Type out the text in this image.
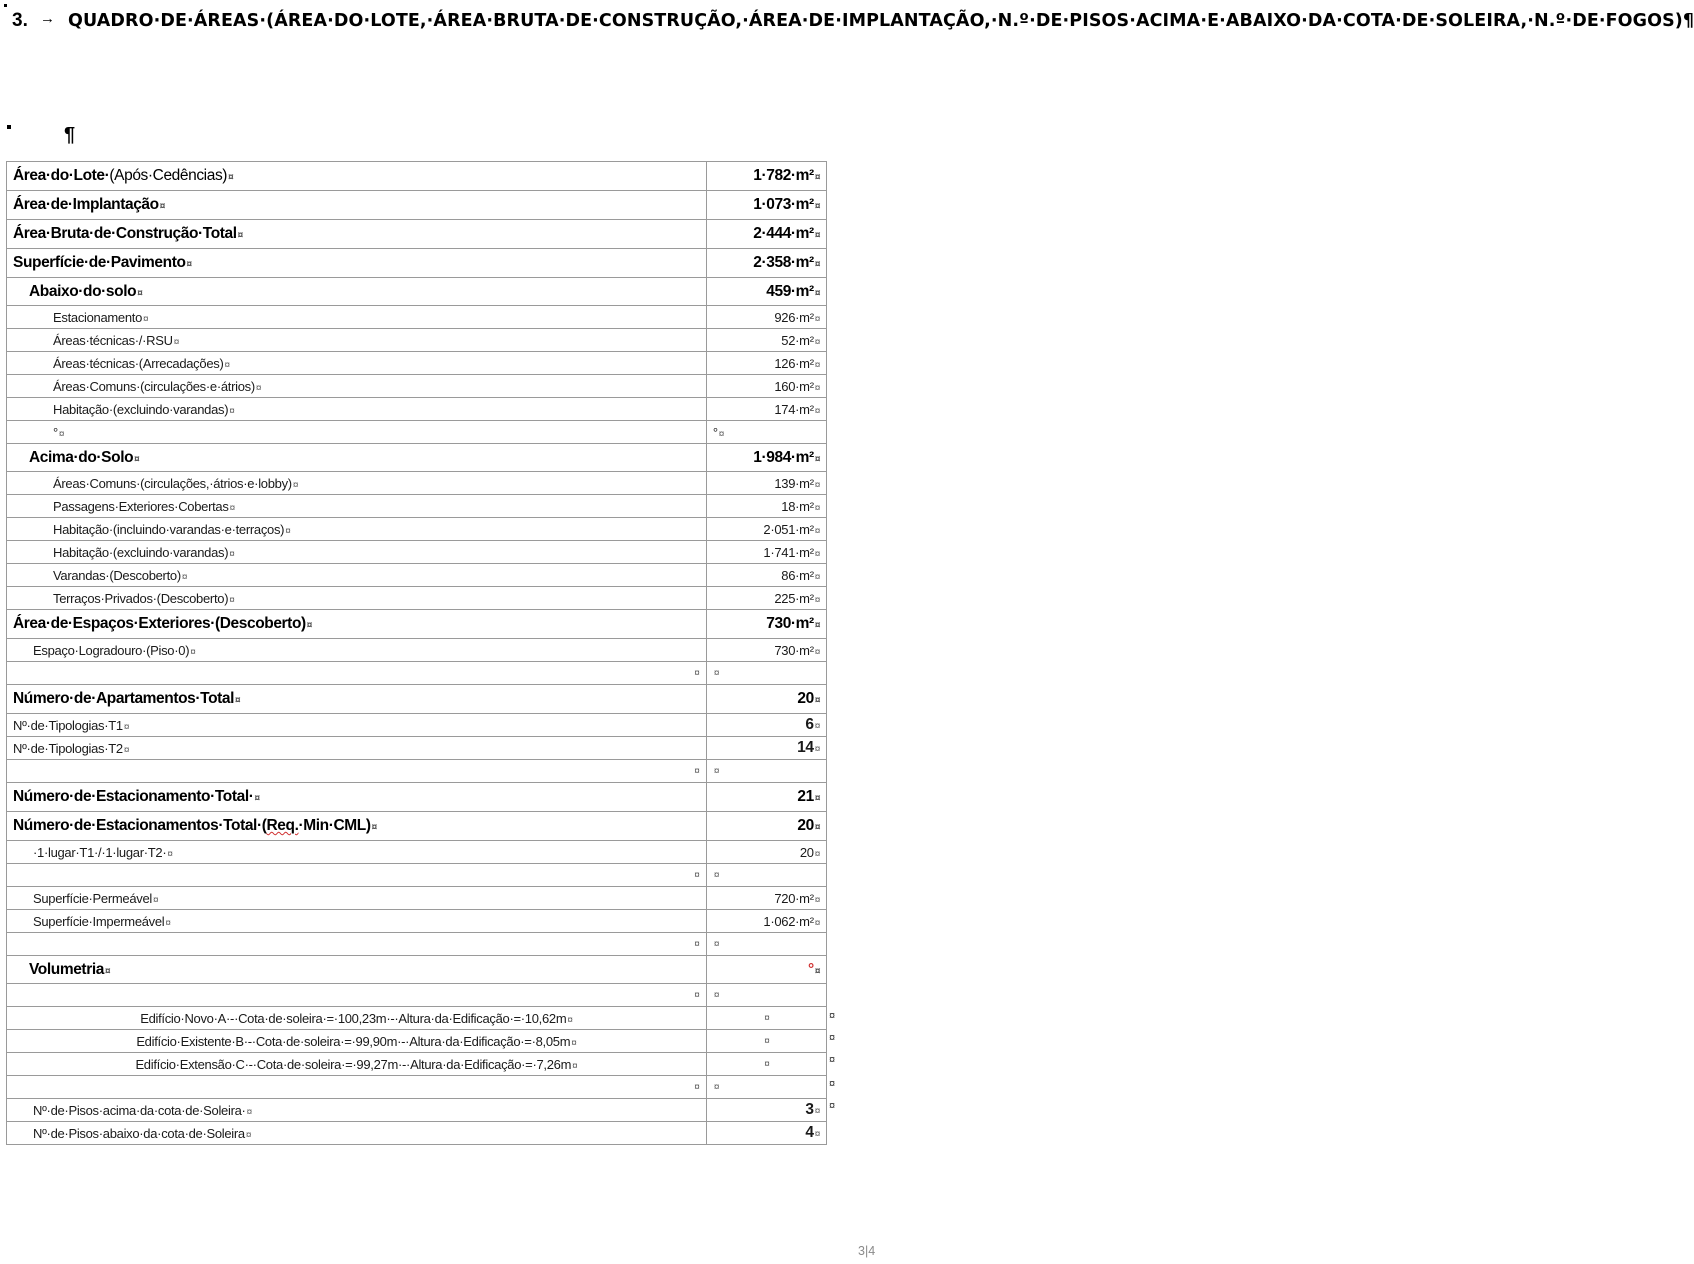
3. → QUADRO·DE·ÁREAS·(ÁREA·DO·LOTE,·ÁREA·BRUTA·DE·CONSTRUÇÃO,·ÁREA·DE·IMPLANTAÇÃO,·N.º·DE·PISOS·ACIMA·E·ABAIXO·DA·COTA·DE·SOLEIRA,·N.º·DE·FOGOS)¶
¶
Área·do·Lote·(Após·Cedências)¤	1·782·m²¤
Área·de·Implantação¤	1·073·m²¤
Área·Bruta·de·Construção·Total¤	2·444·m²¤
Superfície·de·Pavimento¤	2·358·m²¤
Abaixo·do·solo¤	459·m²¤
Estacionamento¤	926·m²¤
Áreas·técnicas·/·RSU¤	52·m²¤
Áreas·técnicas·(Arrecadações)¤	126·m²¤
Áreas·Comuns·(circulações·e·átrios)¤	160·m²¤
Habitação·(excluindo·varandas)¤	174·m²¤
°¤	°¤
Acima·do·Solo¤	1·984·m²¤
Áreas·Comuns·(circulações,·átrios·e·lobby)¤	139·m²¤
Passagens·Exteriores·Cobertas¤	18·m²¤
Habitação·(incluindo·varandas·e·terraços)¤	2·051·m²¤
Habitação·(excluindo·varandas)¤	1·741·m²¤
Varandas·(Descoberto)¤	86·m²¤
Terraços·Privados·(Descoberto)¤	225·m²¤
Área·de·Espaços·Exteriores·(Descoberto)¤	730·m²¤
Espaço·Logradouro·(Piso·0)¤	730·m²¤
¤	¤
Número·de·Apartamentos·Total¤	20¤
Nº·de·Tipologias·T1¤	6¤
Nº·de·Tipologias·T2¤	14¤
¤	¤
Número·de·Estacionamento·Total·¤	21¤
Número·de·Estacionamentos·Total·(Req.·Min·CML)¤	20¤
·1·lugar·T1·/·1·lugar·T2·¤	20¤
¤	¤
Superfície·Permeável¤	720·m²¤
Superfície·Impermeável¤	1·062·m²¤
¤	¤
Volumetria¤	°¤
¤	¤
Edifício·Novo·A·-·Cota·de·soleira·=·100,23m·-·Altura·da·Edificação·=·10,62m¤	¤
Edifício·Existente·B·-·Cota·de·soleira·=·99,90m·-·Altura·da·Edificação·=·8,05m¤	¤
Edifício·Extensão·C·-·Cota·de·soleira·=·99,27m·-·Altura·da·Edificação·=·7,26m¤	¤
¤	¤
Nº·de·Pisos·acima·da·cota·de·Soleira·¤	3¤
Nº·de·Pisos·abaixo·da·cota·de·Soleira¤	4¤
¤
¤
¤
¤
¤
3|4
